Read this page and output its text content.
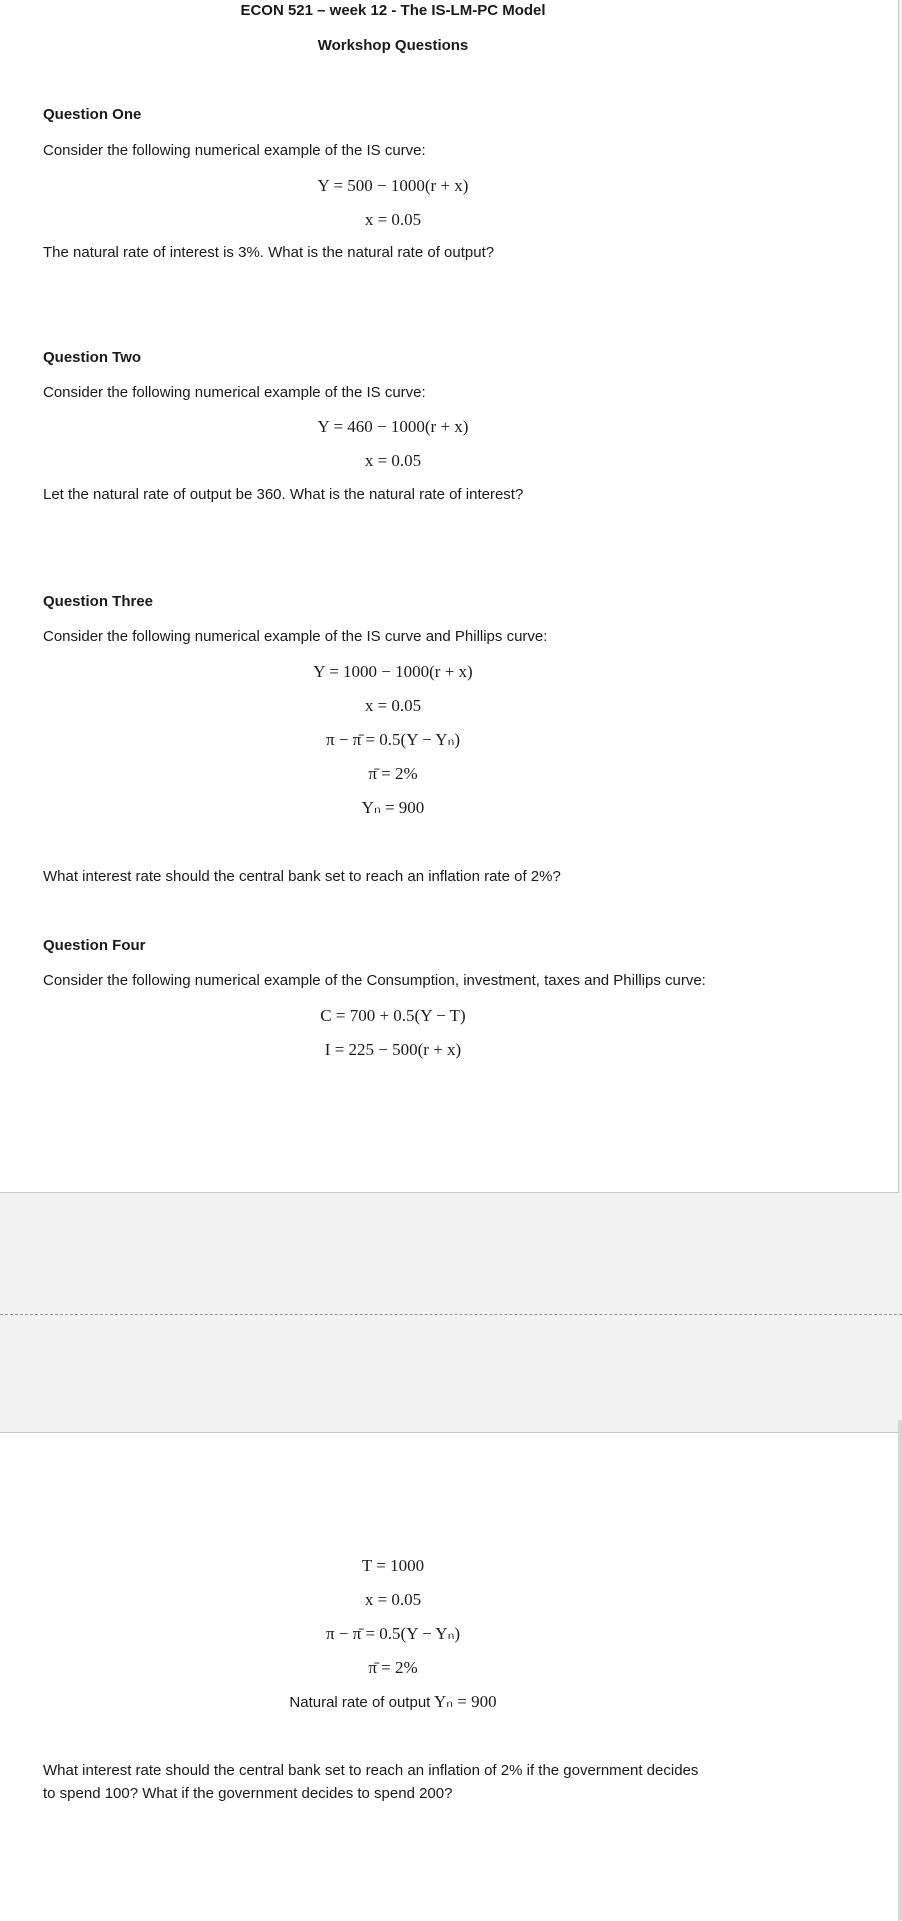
ECON 521 – week 12 - The IS-LM-PC Model
Workshop Questions
Question One
Consider the following numerical example of the IS curve:
Y = 500 − 1000(r + x)
x = 0.05
The natural rate of interest is 3%. What is the natural rate of output?
Question Two
Consider the following numerical example of the IS curve:
Y = 460 − 1000(r + x)
x = 0.05
Let the natural rate of output be 360. What is the natural rate of interest?
Question Three
Consider the following numerical example of the IS curve and Phillips curve:
Y = 1000 − 1000(r + x)
x = 0.05
π − π̄ = 0.5(Y − Yₙ)
π̄ = 2%
Yₙ = 900
What interest rate should the central bank set to reach an inflation rate of 2%?
Question Four
Consider the following numerical example of the Consumption, investment, taxes and Phillips curve:
C = 700 + 0.5(Y − T)
I = 225 − 500(r + x)
T = 1000
x = 0.05
π − π̄ = 0.5(Y − Yₙ)
π̄ = 2%
Natural rate of output Yₙ = 900
What interest rate should the central bank set to reach an inflation of 2% if the government decides
to spend 100? What if the government decides to spend 200?
